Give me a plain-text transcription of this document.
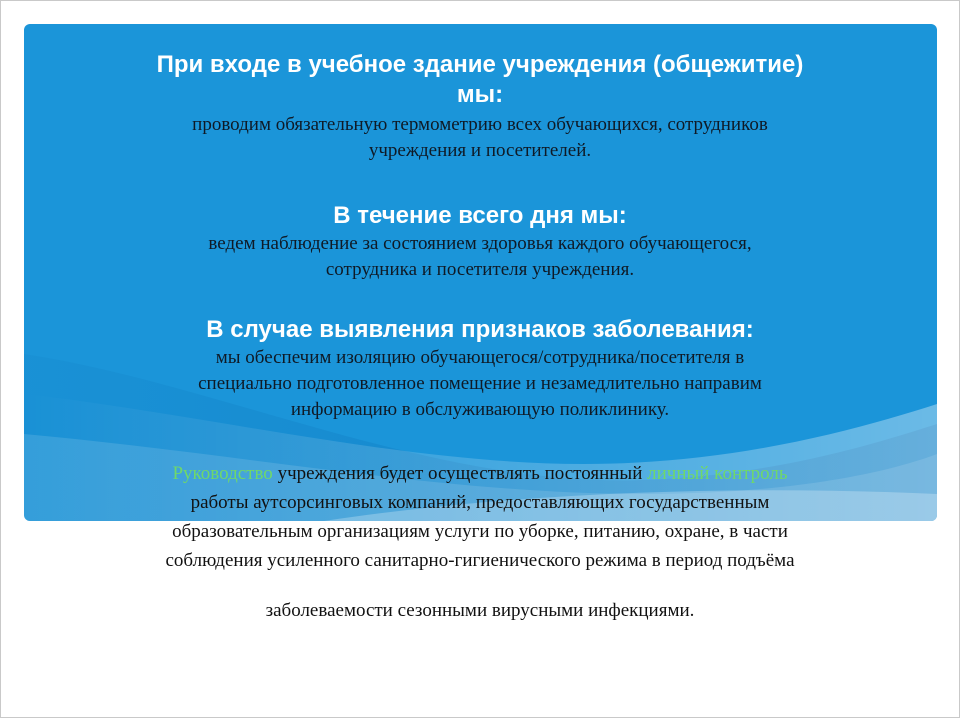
При входе в учебное здание учреждения (общежитие)

мы:

проводим обязательную термометрию всех обучающихся, сотрудников

учреждения и посетителей.

В течение всего дня мы:

ведем наблюдение за состоянием здоровья каждого обучающегося,

сотрудника и посетителя учреждения.

В случае выявления признаков заболевания:

мы обеспечим изоляцию обучающегося/сотрудника/посетителя в

специально подготовленное помещение и незамедлительно направим

информацию в обслуживающую поликлинику.

Руководство учреждения будет осуществлять постоянный личный контроль

работы аутсорсинговых компаний, предоставляющих государственным

образовательным организациям услуги по уборке, питанию, охране, в части

соблюдения усиленного санитарно-гигиенического режима в период подъёма

заболеваемости сезонными вирусными инфекциями.
